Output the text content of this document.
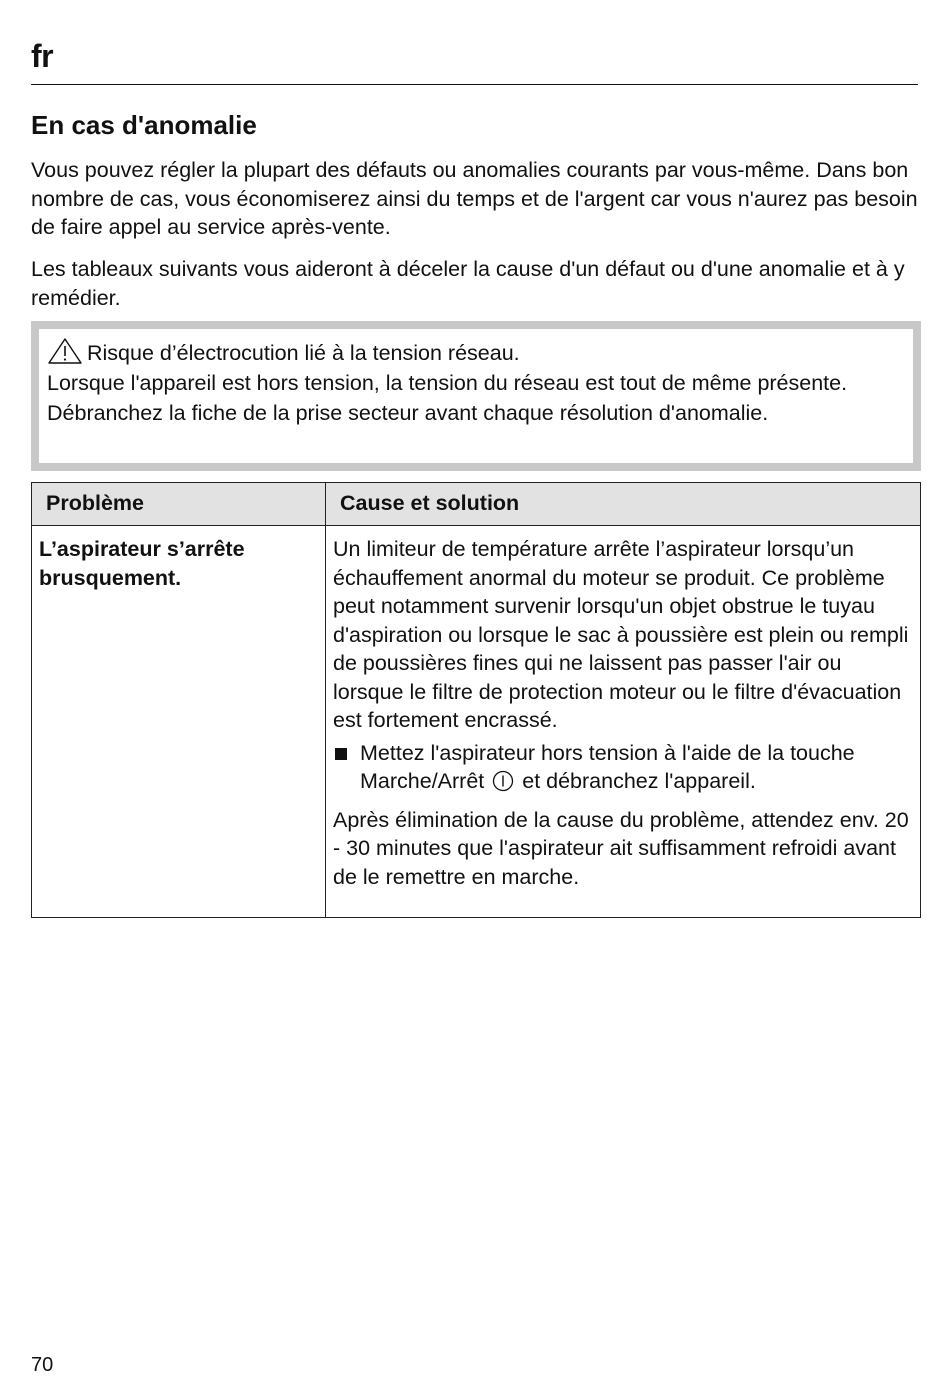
fr
En cas d'anomalie

Vous pouvez régler la plupart des défauts ou anomalies courants par vous-même. Dans bon nombre de cas, vous économiserez ainsi du temps et de l'argent car vous n'aurez pas besoin de faire appel au service après-vente.

Les tableaux suivants vous aideront à déceler la cause d'un défaut ou d'une anomalie et à y remédier.

Risque d’électrocution lié à la tension réseau.

Lorsque l'appareil est hors tension, la tension du réseau est tout de même présente.

Débranchez la fiche de la prise secteur avant chaque résolution d'anomalie.

Problème	Cause et solution
L’aspirateur s’arrête brusquement.

Un limiteur de température arrête l’aspirateur lorsqu’un échauffement anormal du moteur se produit. Ce problème peut notamment survenir lorsqu'un objet obstrue le tuyau d'aspiration ou lorsque le sac à poussière est plein ou rempli de poussières fines qui ne laissent pas passer l'air ou lorsque le filtre de protection moteur ou le filtre d'évacuation est fortement encrassé.

Mettez l'aspirateur hors tension à l'aide de la touche Marche/Arrêt et débranchez l'appareil.

Après élimination de la cause du problème, attendez env. 20 - 30 minutes que l'aspirateur ait suffisamment refroidi avant de le remettre en marche.

70
